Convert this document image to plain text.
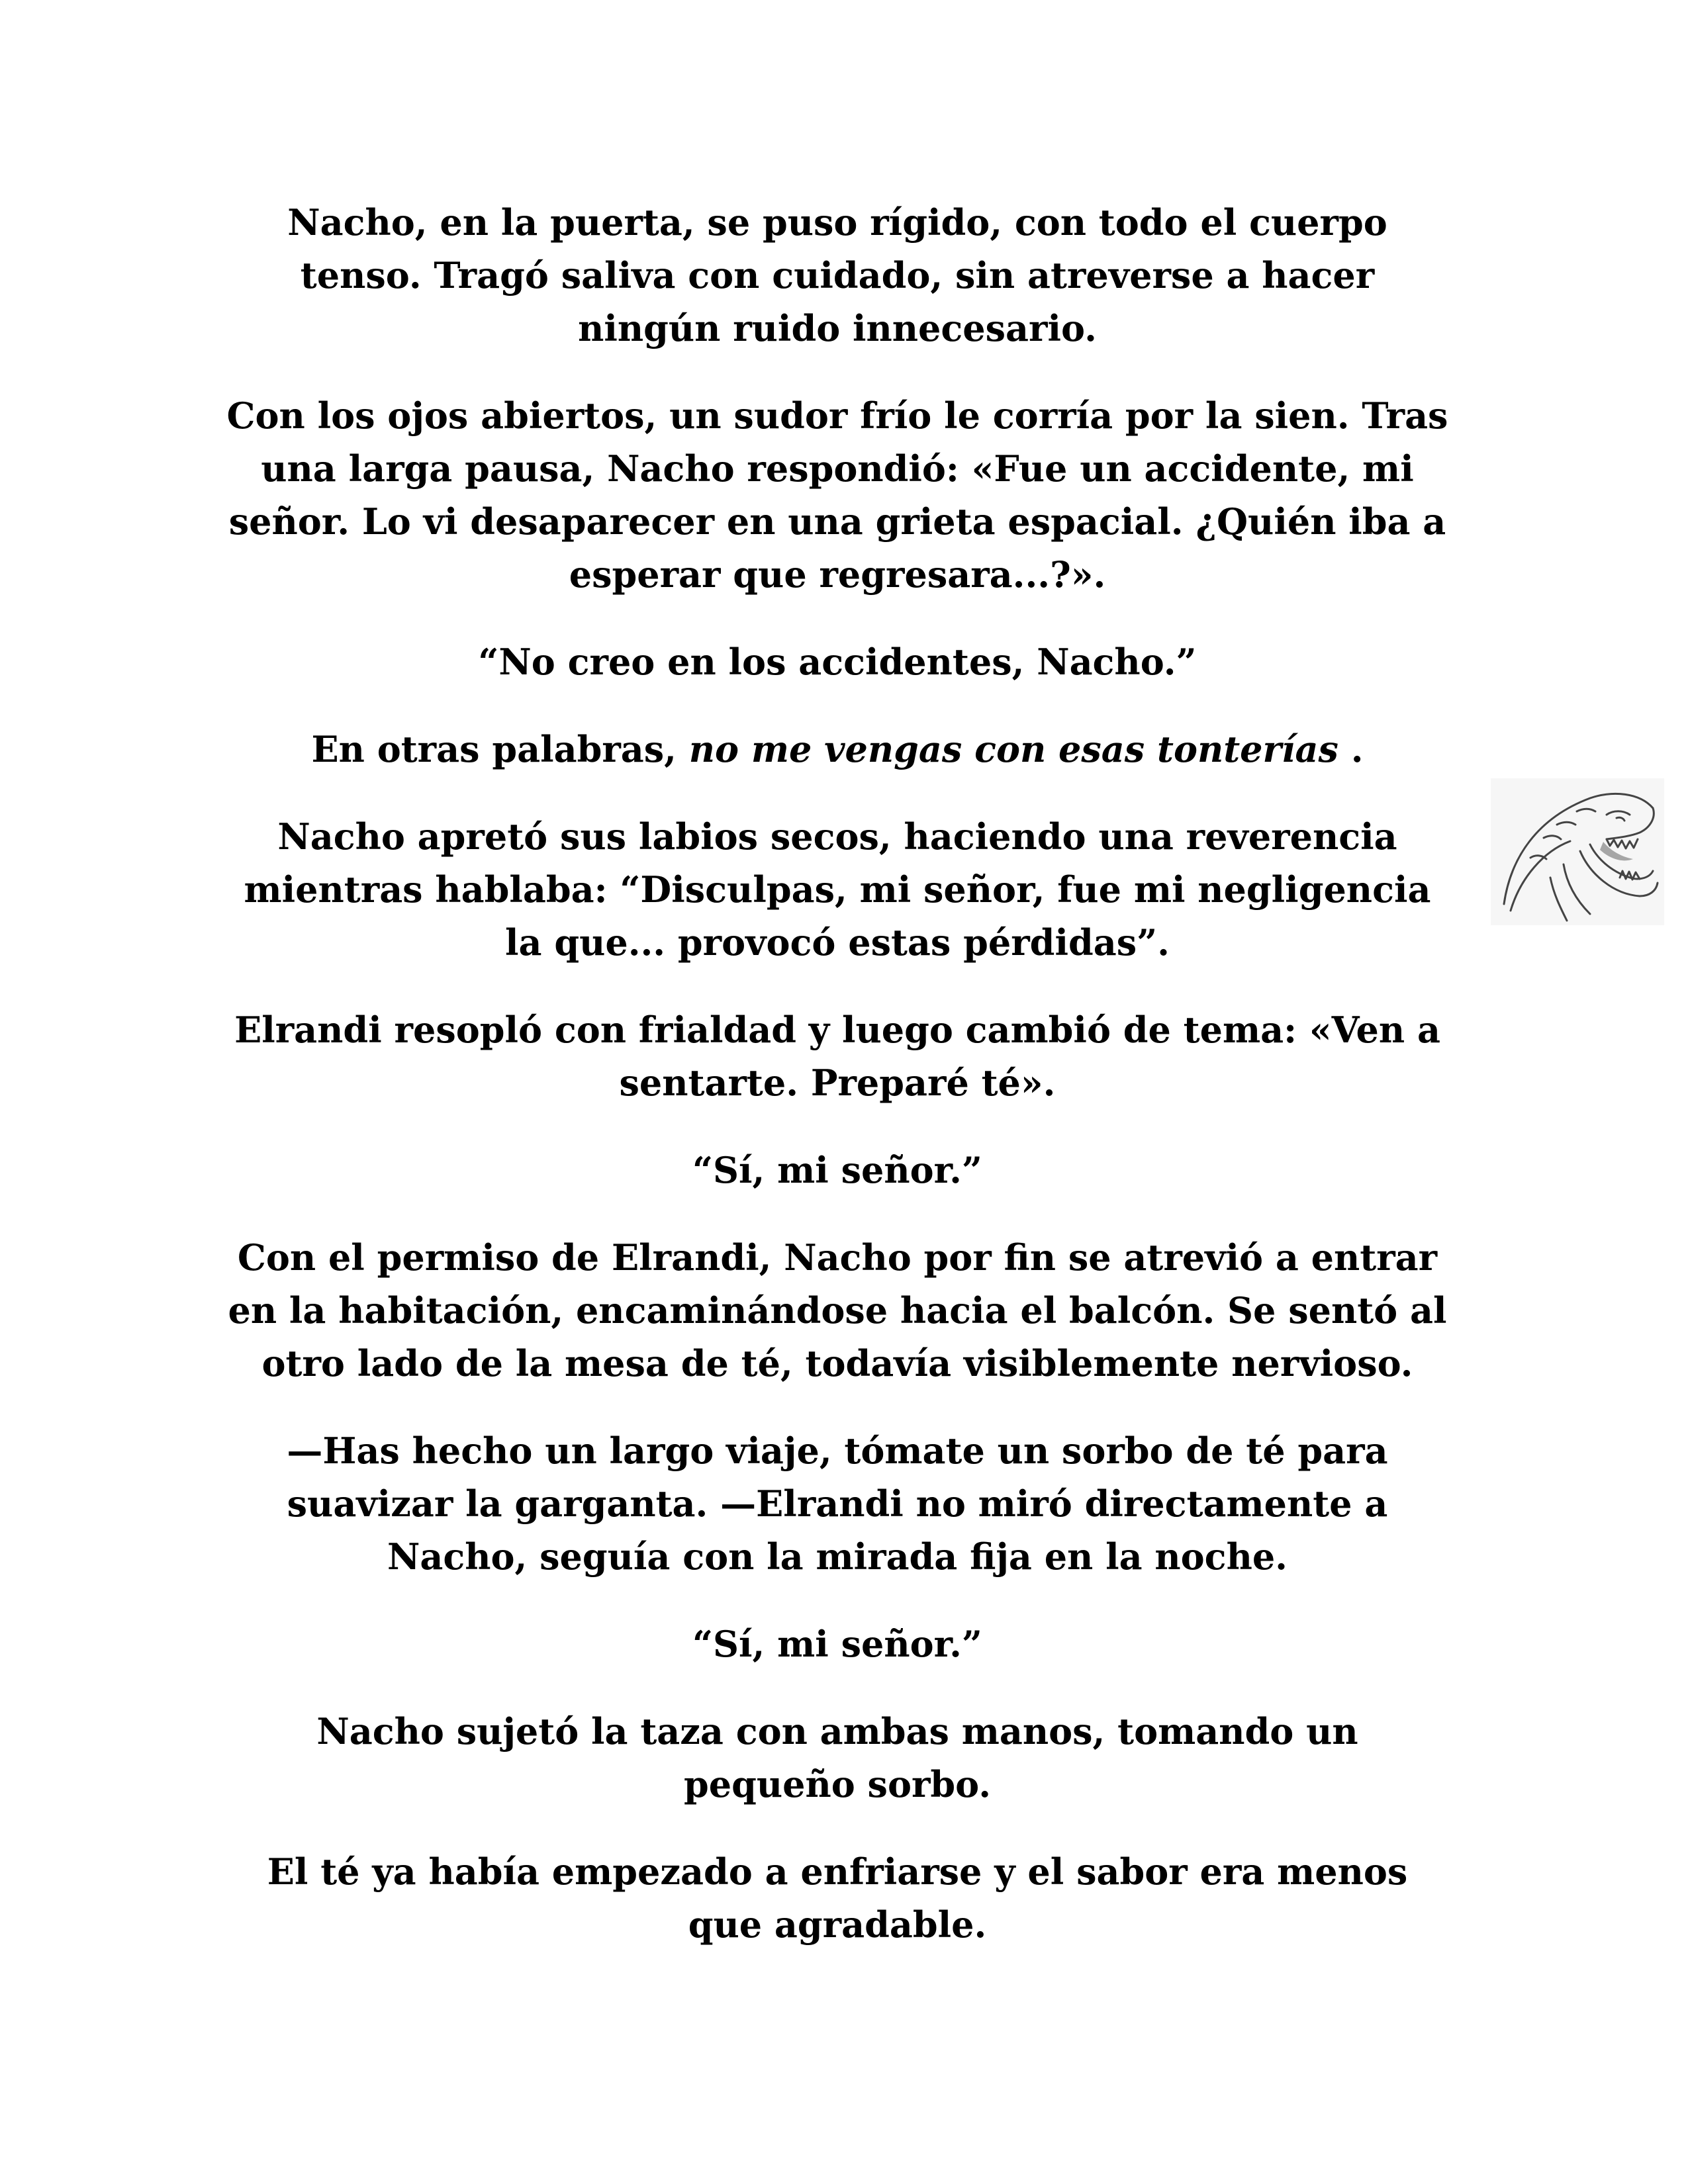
Nacho, en la puerta, se puso rígido, con todo el cuerpo tenso. Tragó saliva con cuidado, sin atreverse a hacer ningún ruido innecesario.

Con los ojos abiertos, un sudor frío le corría por la sien. Tras una larga pausa, Nacho respondió: «Fue un accidente, mi señor. Lo vi desaparecer en una grieta espacial. ¿Quién iba a esperar que regresara...?».

“No creo en los accidentes, Nacho.”

En otras palabras, no me vengas con esas tonterías .

Nacho apretó sus labios secos, haciendo una reverencia mientras hablaba: “Disculpas, mi señor, fue mi negligencia la que... provocó estas pérdidas”.

Elrandi resopló con frialdad y luego cambió de tema: «Ven a sentarte. Preparé té».

“Sí, mi señor.”

Con el permiso de Elrandi, Nacho por fin se atrevió a entrar en la habitación, encaminándose hacia el balcón. Se sentó al otro lado de la mesa de té, todavía visiblemente nervioso.

—Has hecho un largo viaje, tómate un sorbo de té para suavizar la garganta. —Elrandi no miró directamente a Nacho, seguía con la mirada fija en la noche.

“Sí, mi señor.”

Nacho sujetó la taza con ambas manos, tomando un pequeño sorbo.

El té ya había empezado a enfriarse y el sabor era menos que agradable.
